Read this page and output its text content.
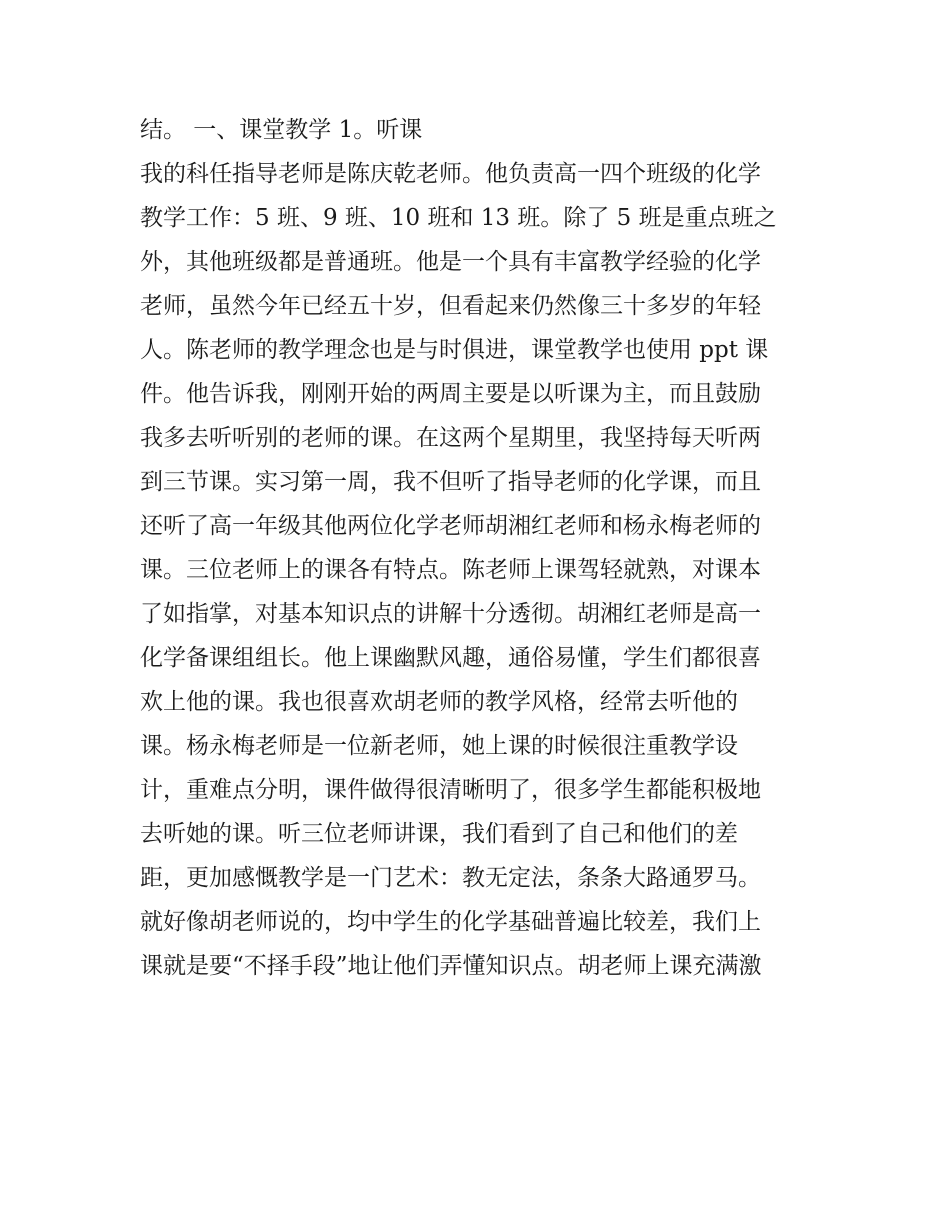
结。 一、课堂教学 1。听课
我的科任指导老师是陈庆乾老师。他负责高一四个班级的化学
教学工作：5 班、9 班、10 班和 13 班。除了 5 班是重点班之
外，其他班级都是普通班。他是一个具有丰富教学经验的化学
老师，虽然今年已经五十岁，但看起来仍然像三十多岁的年轻
人。陈老师的教学理念也是与时俱进，课堂教学也使用 ppt 课
件。他告诉我，刚刚开始的两周主要是以听课为主，而且鼓励
我多去听听别的老师的课。在这两个星期里，我坚持每天听两
到三节课。实习第一周，我不但听了指导老师的化学课，而且
还听了高一年级其他两位化学老师胡湘红老师和杨永梅老师的
课。三位老师上的课各有特点。陈老师上课驾轻就熟，对课本
了如指掌，对基本知识点的讲解十分透彻。胡湘红老师是高一
化学备课组组长。他上课幽默风趣，通俗易懂，学生们都很喜
欢上他的课。我也很喜欢胡老师的教学风格，经常去听他的
课。杨永梅老师是一位新老师，她上课的时候很注重教学设
计，重难点分明，课件做得很清晰明了，很多学生都能积极地
去听她的课。听三位老师讲课，我们看到了自己和他们的差
距，更加感慨教学是一门艺术：教无定法，条条大路通罗马。
就好像胡老师说的，均中学生的化学基础普遍比较差，我们上
课就是要“不择手段”地让他们弄懂知识点。胡老师上课充满激
